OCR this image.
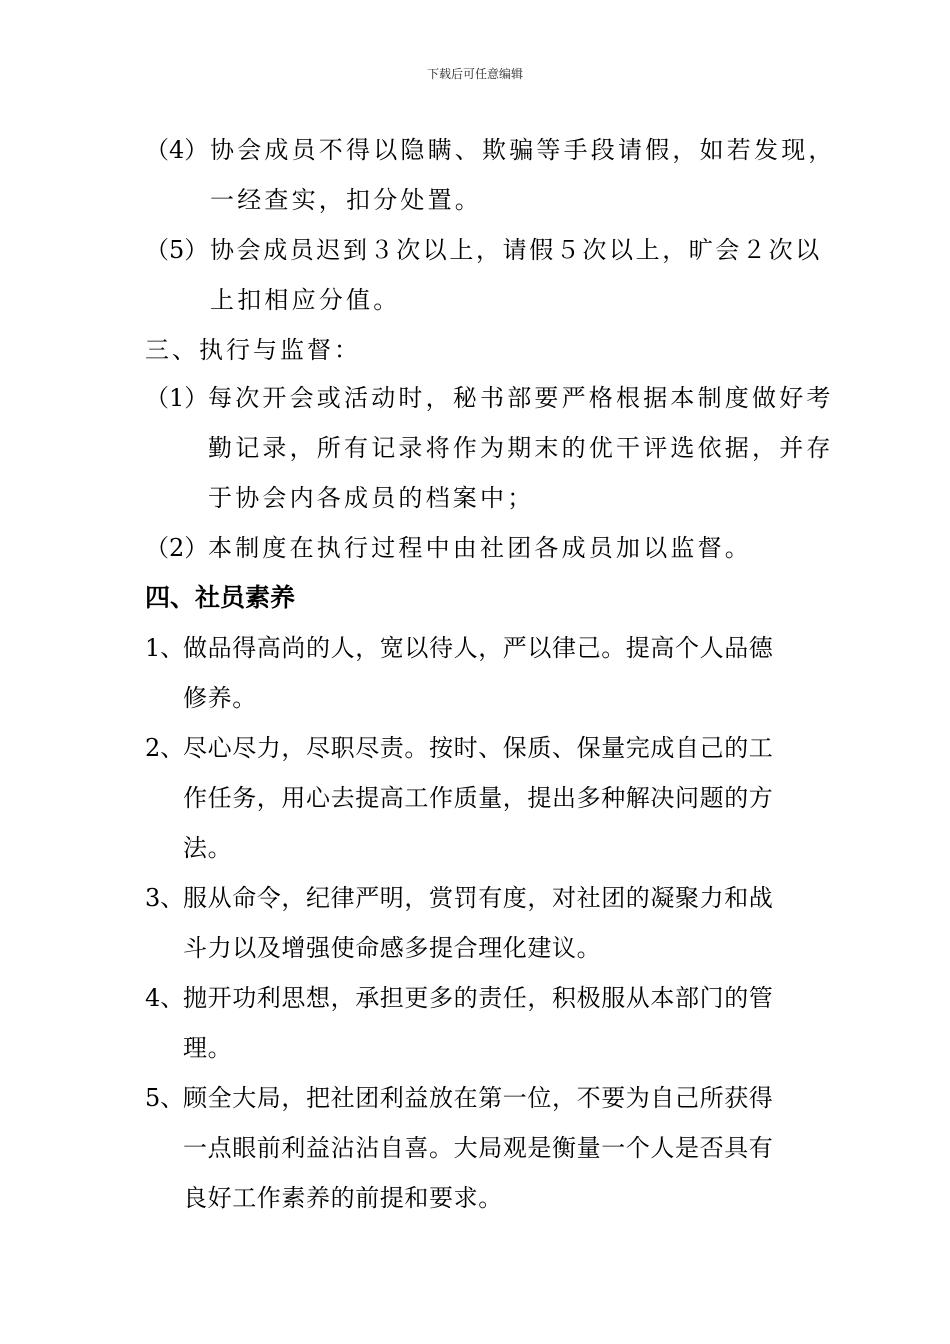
下载后可任意编辑
（4） 协会成员不得以隐瞒、欺骗等手段请假，如若发现，
一经查实，扣分处置。
（5） 协会成员迟到３次以上，请假５次以上，旷会２次以
上扣相应分值。
三、执行与监督：
（1） 每次开会或活动时，秘书部要严格根据本制度做好考
勤记录，所有记录将作为期末的优干评选依据，并存
于协会内各成员的档案中；
（2） 本制度在执行过程中由社团各成员加以监督。
四、社员素养
1、
做品得高尚的人，宽以待人，严以律己。提高个人品德
修养。
2、
尽心尽力，尽职尽责。按时、保质、保量完成自己的工
作任务，用心去提高工作质量，提出多种解决问题的方
法。
3、
服从命令，纪律严明，赏罚有度，对社团的凝聚力和战
斗力以及增强使命感多提合理化建议。
4、
抛开功利思想，承担更多的责任，积极服从本部门的管
理。
5、
顾全大局，把社团利益放在第一位，不要为自己所获得
一点眼前利益沾沾自喜。大局观是衡量一个人是否具有
良好工作素养的前提和要求。
